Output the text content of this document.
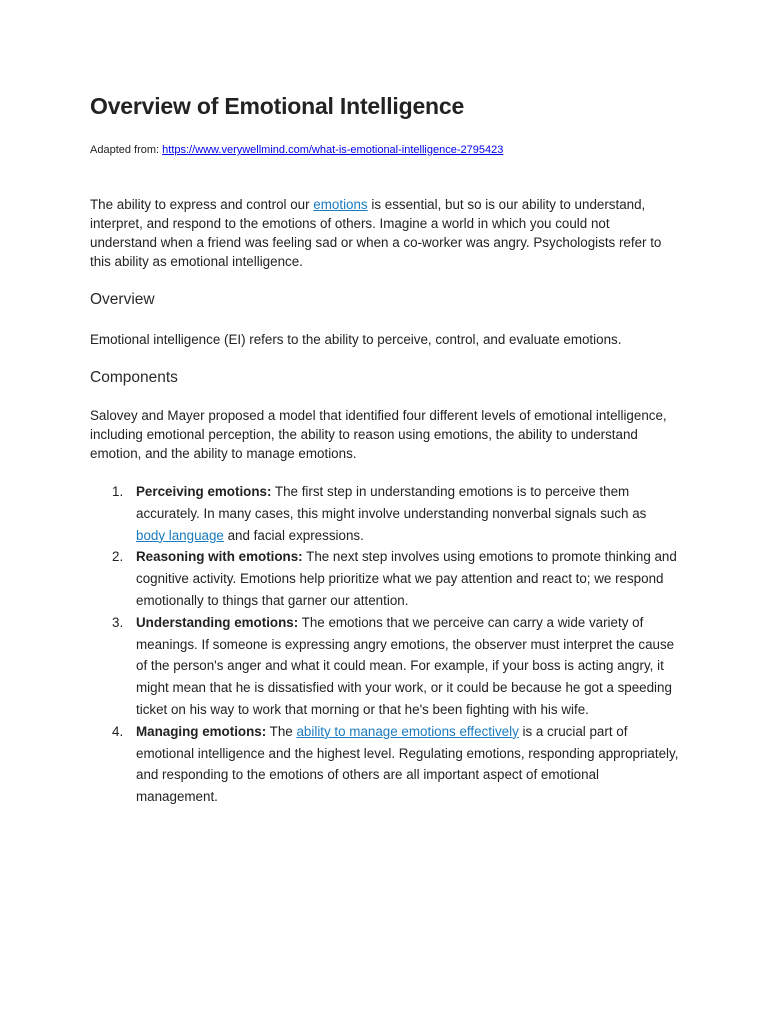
Overview of Emotional Intelligence
Adapted from: https://www.verywellmind.com/what-is-emotional-intelligence-2795423

The ability to express and control our emotions is essential, but so is our ability to understand, interpret, and respond to the emotions of others. Imagine a world in which you could not understand when a friend was feeling sad or when a co-worker was angry. Psychologists refer to this ability as emotional intelligence.

Overview

Emotional intelligence (EI) refers to the ability to perceive, control, and evaluate emotions.

Components

Salovey and Mayer proposed a model that identified four different levels of emotional intelligence, including emotional perception, the ability to reason using emotions, the ability to understand emotion, and the ability to manage emotions.

1. Perceiving emotions: The first step in understanding emotions is to perceive them accurately. In many cases, this might involve understanding nonverbal signals such as body language and facial expressions.
2. Reasoning with emotions: The next step involves using emotions to promote thinking and cognitive activity. Emotions help prioritize what we pay attention and react to; we respond emotionally to things that garner our attention.
3. Understanding emotions: The emotions that we perceive can carry a wide variety of meanings. If someone is expressing angry emotions, the observer must interpret the cause of the person's anger and what it could mean. For example, if your boss is acting angry, it might mean that he is dissatisfied with your work, or it could be because he got a speeding ticket on his way to work that morning or that he's been fighting with his wife.
4. Managing emotions: The ability to manage emotions effectively is a crucial part of emotional intelligence and the highest level. Regulating emotions, responding appropriately, and responding to the emotions of others are all important aspect of emotional management.
